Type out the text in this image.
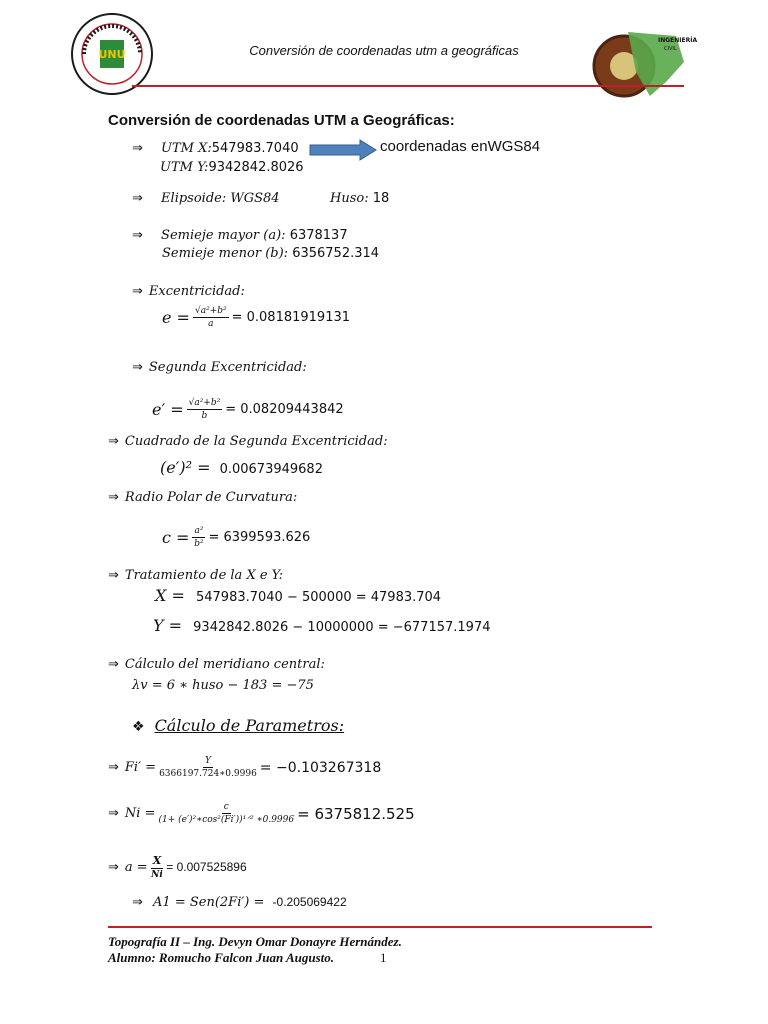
UNU	Conversión de coordenadas utm a geográficas
INGENIERÍA
CIVIL
Conversión de coordenadas UTM a Geográficas:
⇒ UTM X:547983.7040
UTM Y:9342842.8026
coordenadas enWGS84
⇒ Elipsoide: WGS84	Huso: 18
⇒ Semieje mayor (a): 6378137
Semieje menor (b): 6356752.314
⇒ Excentricidad:
$e = \frac{\text{√a²+b²}}{a} = 0.08181919131$
⇒ Segunda Excentricidad:
$e' = \frac{\text{√a²+b²}}{b} = 0.08209443842$
⇒ Cuadrado de la Segunda Excentricidad:
(e′)² = 0.00673949682
⇒ Radio Polar de Curvatura:
$c = \frac{\text{a²}}{\text{b²}} = 6399593.626$
⇒ Tratamiento de la X e Y:
X = 547983.7040 − 500000 = 47983.704
Y = 9342842.8026 − 10000000 = −677157.1974
⇒ Cálculo del meridiano central:
λv = 6 ∗ huso − 183 = −75
❖ Cálculo de Parametros:
⇒ $Fi' = \frac{Y}{6366197.724∗0.9996} = -0.103267318$
⇒ $Ni = \frac{c}{\text{(1+ (e′)²∗cos²(Fi′))¹ᐟ² ∗0.9996}} = 6375812.525$
⇒ $a = \frac{X}{Ni} = 0.007525896$
⇒ A1 = Sen(2Fi′) = -0.205069422
Topografía II – Ing. Devyn Omar Donayre Hernández.
Alumno: Romucho Falcon Juan Augusto.	1
